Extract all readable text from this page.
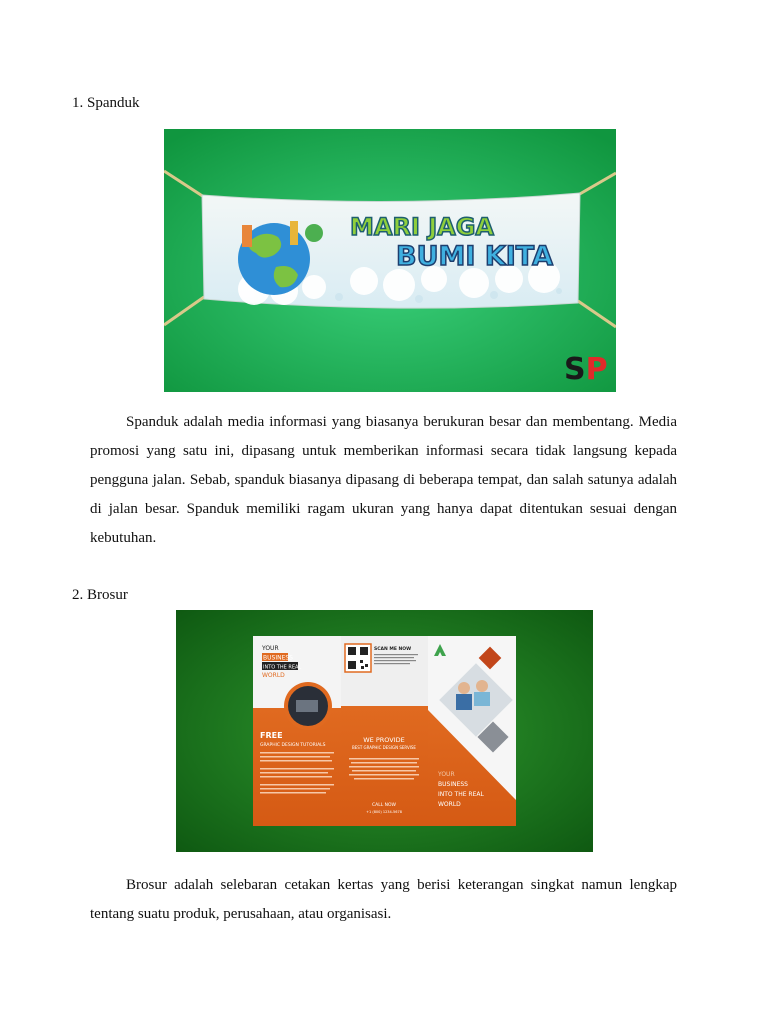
1. Spanduk
MARI JAGA
BUMI KITA
SP

Spanduk adalah media informasi yang biasanya berukuran besar dan membentang. Media promosi yang satu ini, dipasang untuk memberikan informasi secara tidak langsung kepada pengguna jalan. Sebab, spanduk biasanya dipasang di beberapa tempat, dan salah satunya adalah di jalan besar. Spanduk memiliki ragam ukuran yang hanya dapat ditentukan sesuai dengan kebutuhan.

2. Brosur
YOUR
BUSINESS
INTO THE REAL
WORLD
FREE
GRAPHIC DESIGN TUTORIALS
SCAN ME NOW
WE PROVIDE
BEST GRAPHIC DESIGN SERVISE
CALL NOW
+1 (800) 1234-5678
YOUR
BUSINESS
INTO THE REAL
WORLD

Brosur adalah selebaran cetakan kertas yang berisi keterangan singkat namun lengkap tentang suatu produk, perusahaan, atau organisasi.
